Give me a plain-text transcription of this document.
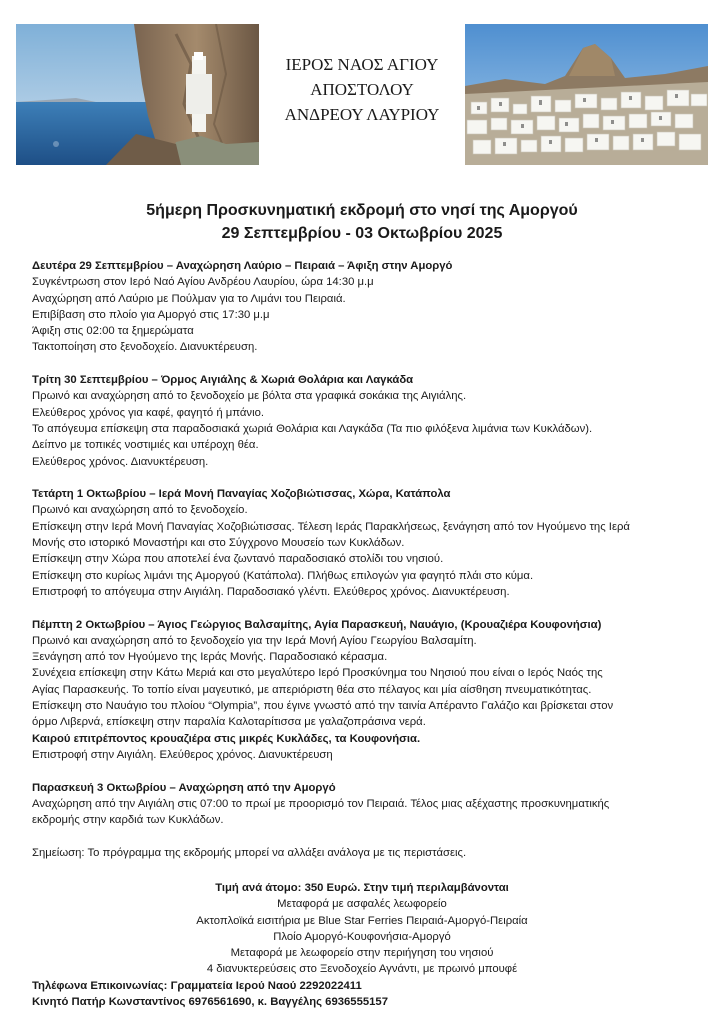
ΙΕΡΟΣ ΝΑΟΣ ΑΓΙΟΥ
ΑΠΟΣΤΟΛΟΥ
ΑΝΔΡΕΟΥ ΛΑΥΡΙΟΥ
5ήμερη Προσκυνηματική εκδρομή στο νησί της Αμοργού
29 Σεπτεμβρίου - 03 Οκτωβρίου 2025

Δευτέρα 29 Σεπτεμβρίου – Αναχώρηση Λαύριο – Πειραιά – Άφιξη στην Αμοργό

Συγκέντρωση στον Ιερό Ναό Αγίου Ανδρέου Λαυρίου, ώρα 14:30 μ.μ

Αναχώρηση από Λαύριο με Πούλμαν για το Λιμάνι του Πειραιά.

Επιβίβαση στο πλοίο για Αμοργό στις 17:30 μ.μ

Άφιξη στις 02:00 τα ξημερώματα

Τακτοποίηση στο ξενοδοχείο. Διανυκτέρευση.

Τρίτη 30 Σεπτεμβρίου – Όρμος Αιγιάλης & Χωριά Θολάρια και Λαγκάδα

Πρωινό και αναχώρηση από το ξενοδοχείο με βόλτα στα γραφικά σοκάκια της Αιγιάλης.

Ελεύθερος χρόνος για καφέ, φαγητό ή μπάνιο.

Το απόγευμα επίσκεψη στα παραδοσιακά χωριά Θολάρια και Λαγκάδα (Τα πιο φιλόξενα λιμάνια των Κυκλάδων).

Δείπνο με τοπικές νοστιμιές και υπέροχη θέα.

Ελεύθερος χρόνος. Διανυκτέρευση.

Τετάρτη 1 Οκτωβρίου – Ιερά Μονή Παναγίας Χοζοβιώτισσας, Χώρα, Κατάπολα

Πρωινό και αναχώρηση από το ξενοδοχείο.

Επίσκεψη στην Ιερά Μονή Παναγίας Χοζοβιώτισσας. Τέλεση Ιεράς Παρακλήσεως, ξενάγηση από τον Ηγούμενο της Ιερά

Μονής στο ιστορικό Μοναστήρι και στο Σύγχρονο Μουσείο των Κυκλάδων.

Επίσκεψη στην Χώρα που αποτελεί ένα ζωντανό παραδοσιακό στολίδι του νησιού.

Επίσκεψη στο κυρίως λιμάνι της Αμοργού (Κατάπολα). Πλήθως επιλογών για φαγητό πλάι στο κύμα.

Επιστροφή το απόγευμα στην Αιγιάλη. Παραδοσιακό γλέντι. Ελεύθερος χρόνος. Διανυκτέρευση.

Πέμπτη 2 Οκτωβρίου – Άγιος Γεώργιος Βαλσαμίτης, Αγία Παρασκευή, Ναυάγιο, (Κρουαζιέρα Κουφονήσια)

Πρωινό και αναχώρηση από το ξενοδοχείο για την Ιερά Μονή Αγίου Γεωργίου Βαλσαμίτη.

Ξενάγηση από τον Ηγούμενο της Ιεράς Μονής. Παραδοσιακό κέρασμα.

Συνέχεια επίσκεψη στην Κάτω Μεριά και στο μεγαλύτερο Ιερό Προσκύνημα του Νησιού που είναι ο Ιερός Ναός της

Αγίας Παρασκευής. Το τοπίο είναι μαγευτικό, με απεριόριστη θέα στο πέλαγος και μία αίσθηση πνευματικότητας.

Επίσκεψη στο Ναυάγιο του πλοίου “Olympia”, που έγινε γνωστό από την ταινία Απέραντο Γαλάζιο και βρίσκεται στον

όρμο Λιβερνά, επίσκεψη στην παραλία Καλοταρίτισσα με γαλαζοπράσινα νερά.

Καιρού επιτρέποντος κρουαζιέρα στις μικρές Κυκλάδες, τα Κουφονήσια.

Επιστροφή στην Αιγιάλη. Ελεύθερος χρόνος. Διανυκτέρευση

Παρασκευή 3 Οκτωβρίου – Αναχώρηση από την Αμοργό

Αναχώρηση από την Αιγιάλη στις 07:00 το πρωί με προορισμό τον Πειραιά. Τέλος μιας αξέχαστης προσκυνηματικής

εκδρομής στην καρδιά των Κυκλάδων.

Σημείωση: Το πρόγραμμα της εκδρομής μπορεί να αλλάξει ανάλογα με τις περιστάσεις.

Τιμή ανά άτομο: 350 Ευρώ. Στην τιμή περιλαμβάνονται

Μεταφορά με ασφαλές λεωφορείο

Ακτοπλοϊκά εισιτήρια με Blue Star Ferries Πειραιά-Αμοργό-Πειραία

Πλοίο Αμοργό-Κουφονήσια-Αμοργό

Μεταφορά με λεωφορείο στην περιήγηση του νησιού

4 διανυκτερεύσεις στο Ξενοδοχείο Αγνάντι, με πρωινό μπουφέ

Τηλέφωνα Επικοινωνίας: Γραμματεία Ιερού Ναού 2292022411

Κινητό Πατήρ Κωνσταντίνος 6976561690, κ. Βαγγέλης 6936555157
